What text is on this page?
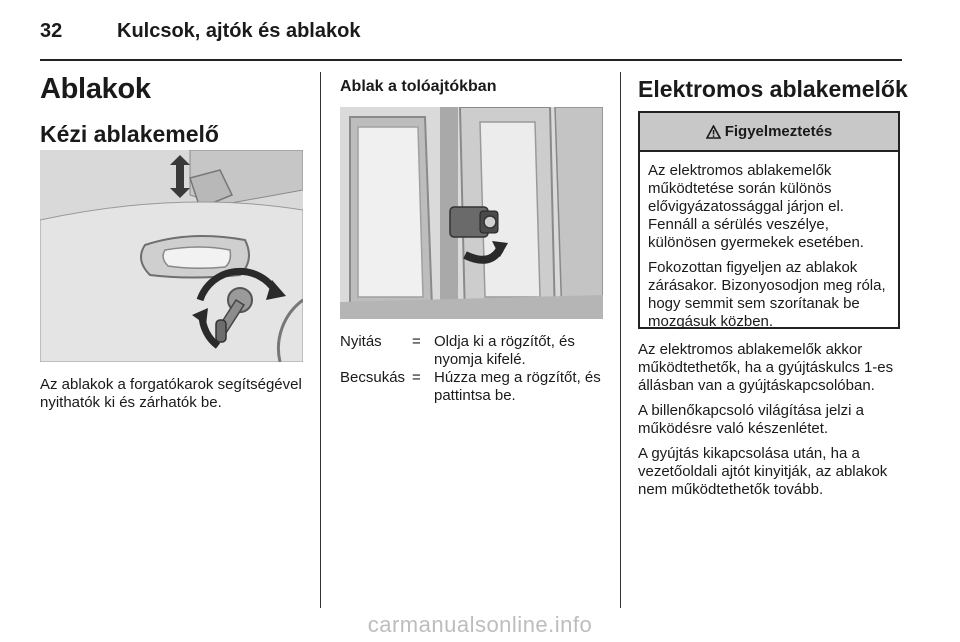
32	Kulcsok, ajtók és ablakok
Ablakok
Kézi ablakemelő
Az ablakok a forgatókarok segítségével nyithatók ki és zárhatók be.
Ablak a tolóajtókban
Nyitás	=	Oldja ki a rögzítőt, és nyomja kifelé.
Becsukás	=	Húzza meg a rögzítőt, és pattintsa be.
Elektromos ablakemelők
Figyelmeztetés

Az elektromos ablakemelők működtetése során különös elővigyázatossággal járjon el. Fennáll a sérülés veszélye, különösen gyermekek esetében.

Fokozottan figyeljen az ablakok zárásakor. Bizonyosodjon meg róla, hogy semmit sem szorítanak be mozgásuk közben.

Az elektromos ablakemelők akkor működtethetők, ha a gyújtáskulcs 1-es állásban van a gyújtáskapcsolóban.

A billenőkapcsoló világítása jelzi a működésre való készenlétet.

A gyújtás kikapcsolása után, ha a vezetőoldali ajtót kinyitják, az ablakok nem működtethetők tovább.

carmanualsonline.info
